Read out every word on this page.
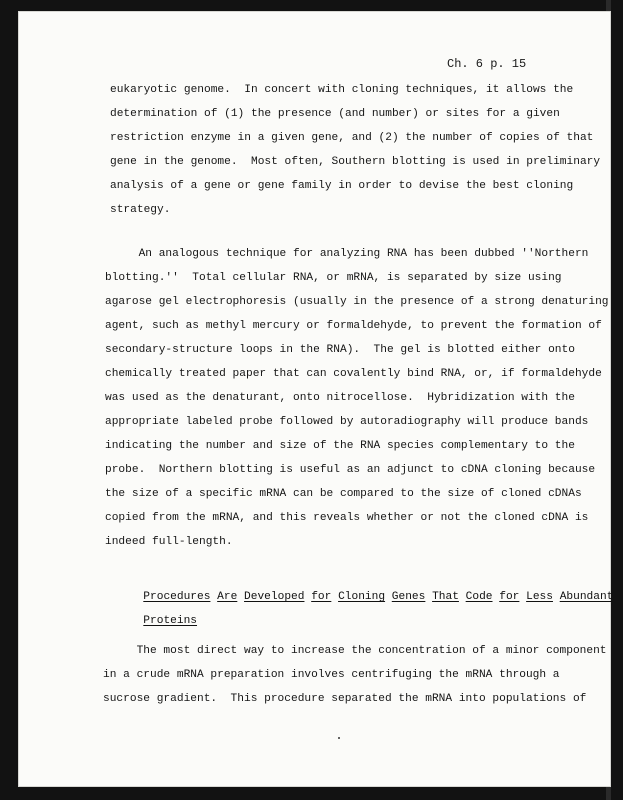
Ch. 6 p. 15
eukaryotic genome.  In concert with cloning techniques, it allows the
determination of (1) the presence (and number) or sites for a given
restriction enzyme in a given gene, and (2) the number of copies of that
gene in the genome.  Most often, Southern blotting is used in preliminary
analysis of a gene or gene family in order to devise the best cloning
strategy.
An analogous technique for analyzing RNA has been dubbed ''Northern
blotting.''  Total cellular RNA, or mRNA, is separated by size using
agarose gel electrophoresis (usually in the presence of a strong denaturing
agent, such as methyl mercury or formaldehyde, to prevent the formation of
secondary-structure loops in the RNA).  The gel is blotted either onto
chemically treated paper that can covalently bind RNA, or, if formaldehyde
was used as the denaturant, onto nitrocellose.  Hybridization with the
appropriate labeled probe followed by autoradiography will produce bands
indicating the number and size of the RNA species complementary to the
probe.  Northern blotting is useful as an adjunct to cDNA cloning because
the size of a specific mRNA can be compared to the size of cloned cDNAs
copied from the mRNA, and this reveals whether or not the cloned cDNA is
indeed full-length.

Procedures Are Developed for Cloning Genes That Code for Less Abundant

Proteins

The most direct way to increase the concentration of a minor component
in a crude mRNA preparation involves centrifuging the mRNA through a
sucrose gradient.  This procedure separated the mRNA into populations of
